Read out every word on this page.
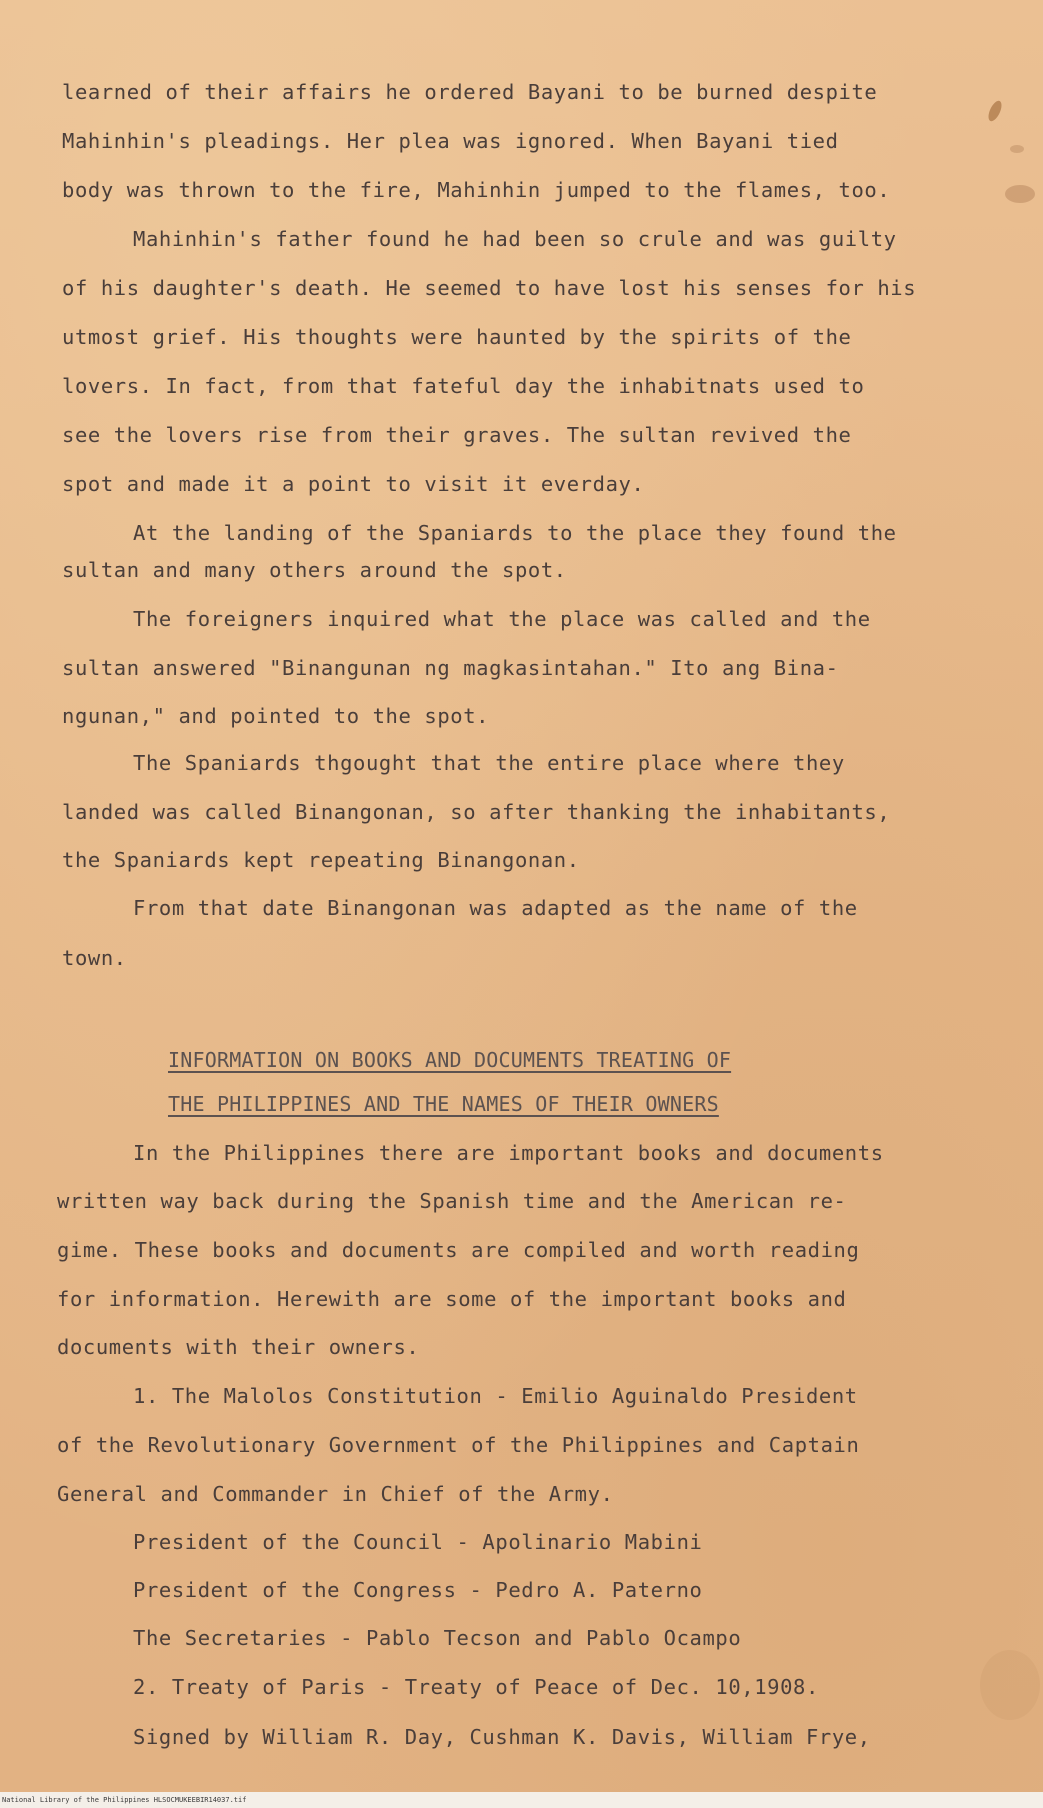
learned of their affairs he ordered Bayani to be burned despite
Mahinhin's pleadings. Her plea was ignored. When Bayani tied
body was thrown to the fire, Mahinhin jumped to the flames, too.
Mahinhin's father found he had been so crule and was guilty
of his daughter's death. He seemed to have lost his senses for his
utmost grief. His thoughts were haunted by the spirits of the
lovers. In fact, from that fateful day the inhabitnats used to
see the lovers rise from their graves. The sultan revived the
spot and made it a point to visit it everday.
At the landing of the Spaniards to the place they found the
sultan and many others around the spot.
The foreigners inquired what the place was called and the
sultan answered "Binangunan ng magkasintahan." Ito ang Bina-
ngunan," and pointed to the spot.
The Spaniards thgought that the entire place where they
landed was called Binangonan, so after thanking the inhabitants,
the Spaniards kept repeating Binangonan.
From that date Binangonan was adapted as the name of the
town.
INFORMATION ON BOOKS AND DOCUMENTS TREATING OF
THE PHILIPPINES AND THE NAMES OF THEIR OWNERS
In the Philippines there are important books and documents
written way back during the Spanish time and the American re-
gime. These books and documents are compiled and worth reading
for information. Herewith are some of the important books and
documents with their owners.
1. The Malolos Constitution - Emilio Aguinaldo President
of the Revolutionary Government of the Philippines and Captain
General and Commander in Chief of the Army.
President of the Council - Apolinario Mabini
President of the Congress - Pedro A. Paterno
The Secretaries - Pablo Tecson and Pablo Ocampo
2. Treaty of Paris - Treaty of Peace of Dec. 10,1908.
Signed by William R. Day, Cushman K. Davis, William Frye,
National Library of the Philippines HLSOCMUKEEBIR14037.tif
